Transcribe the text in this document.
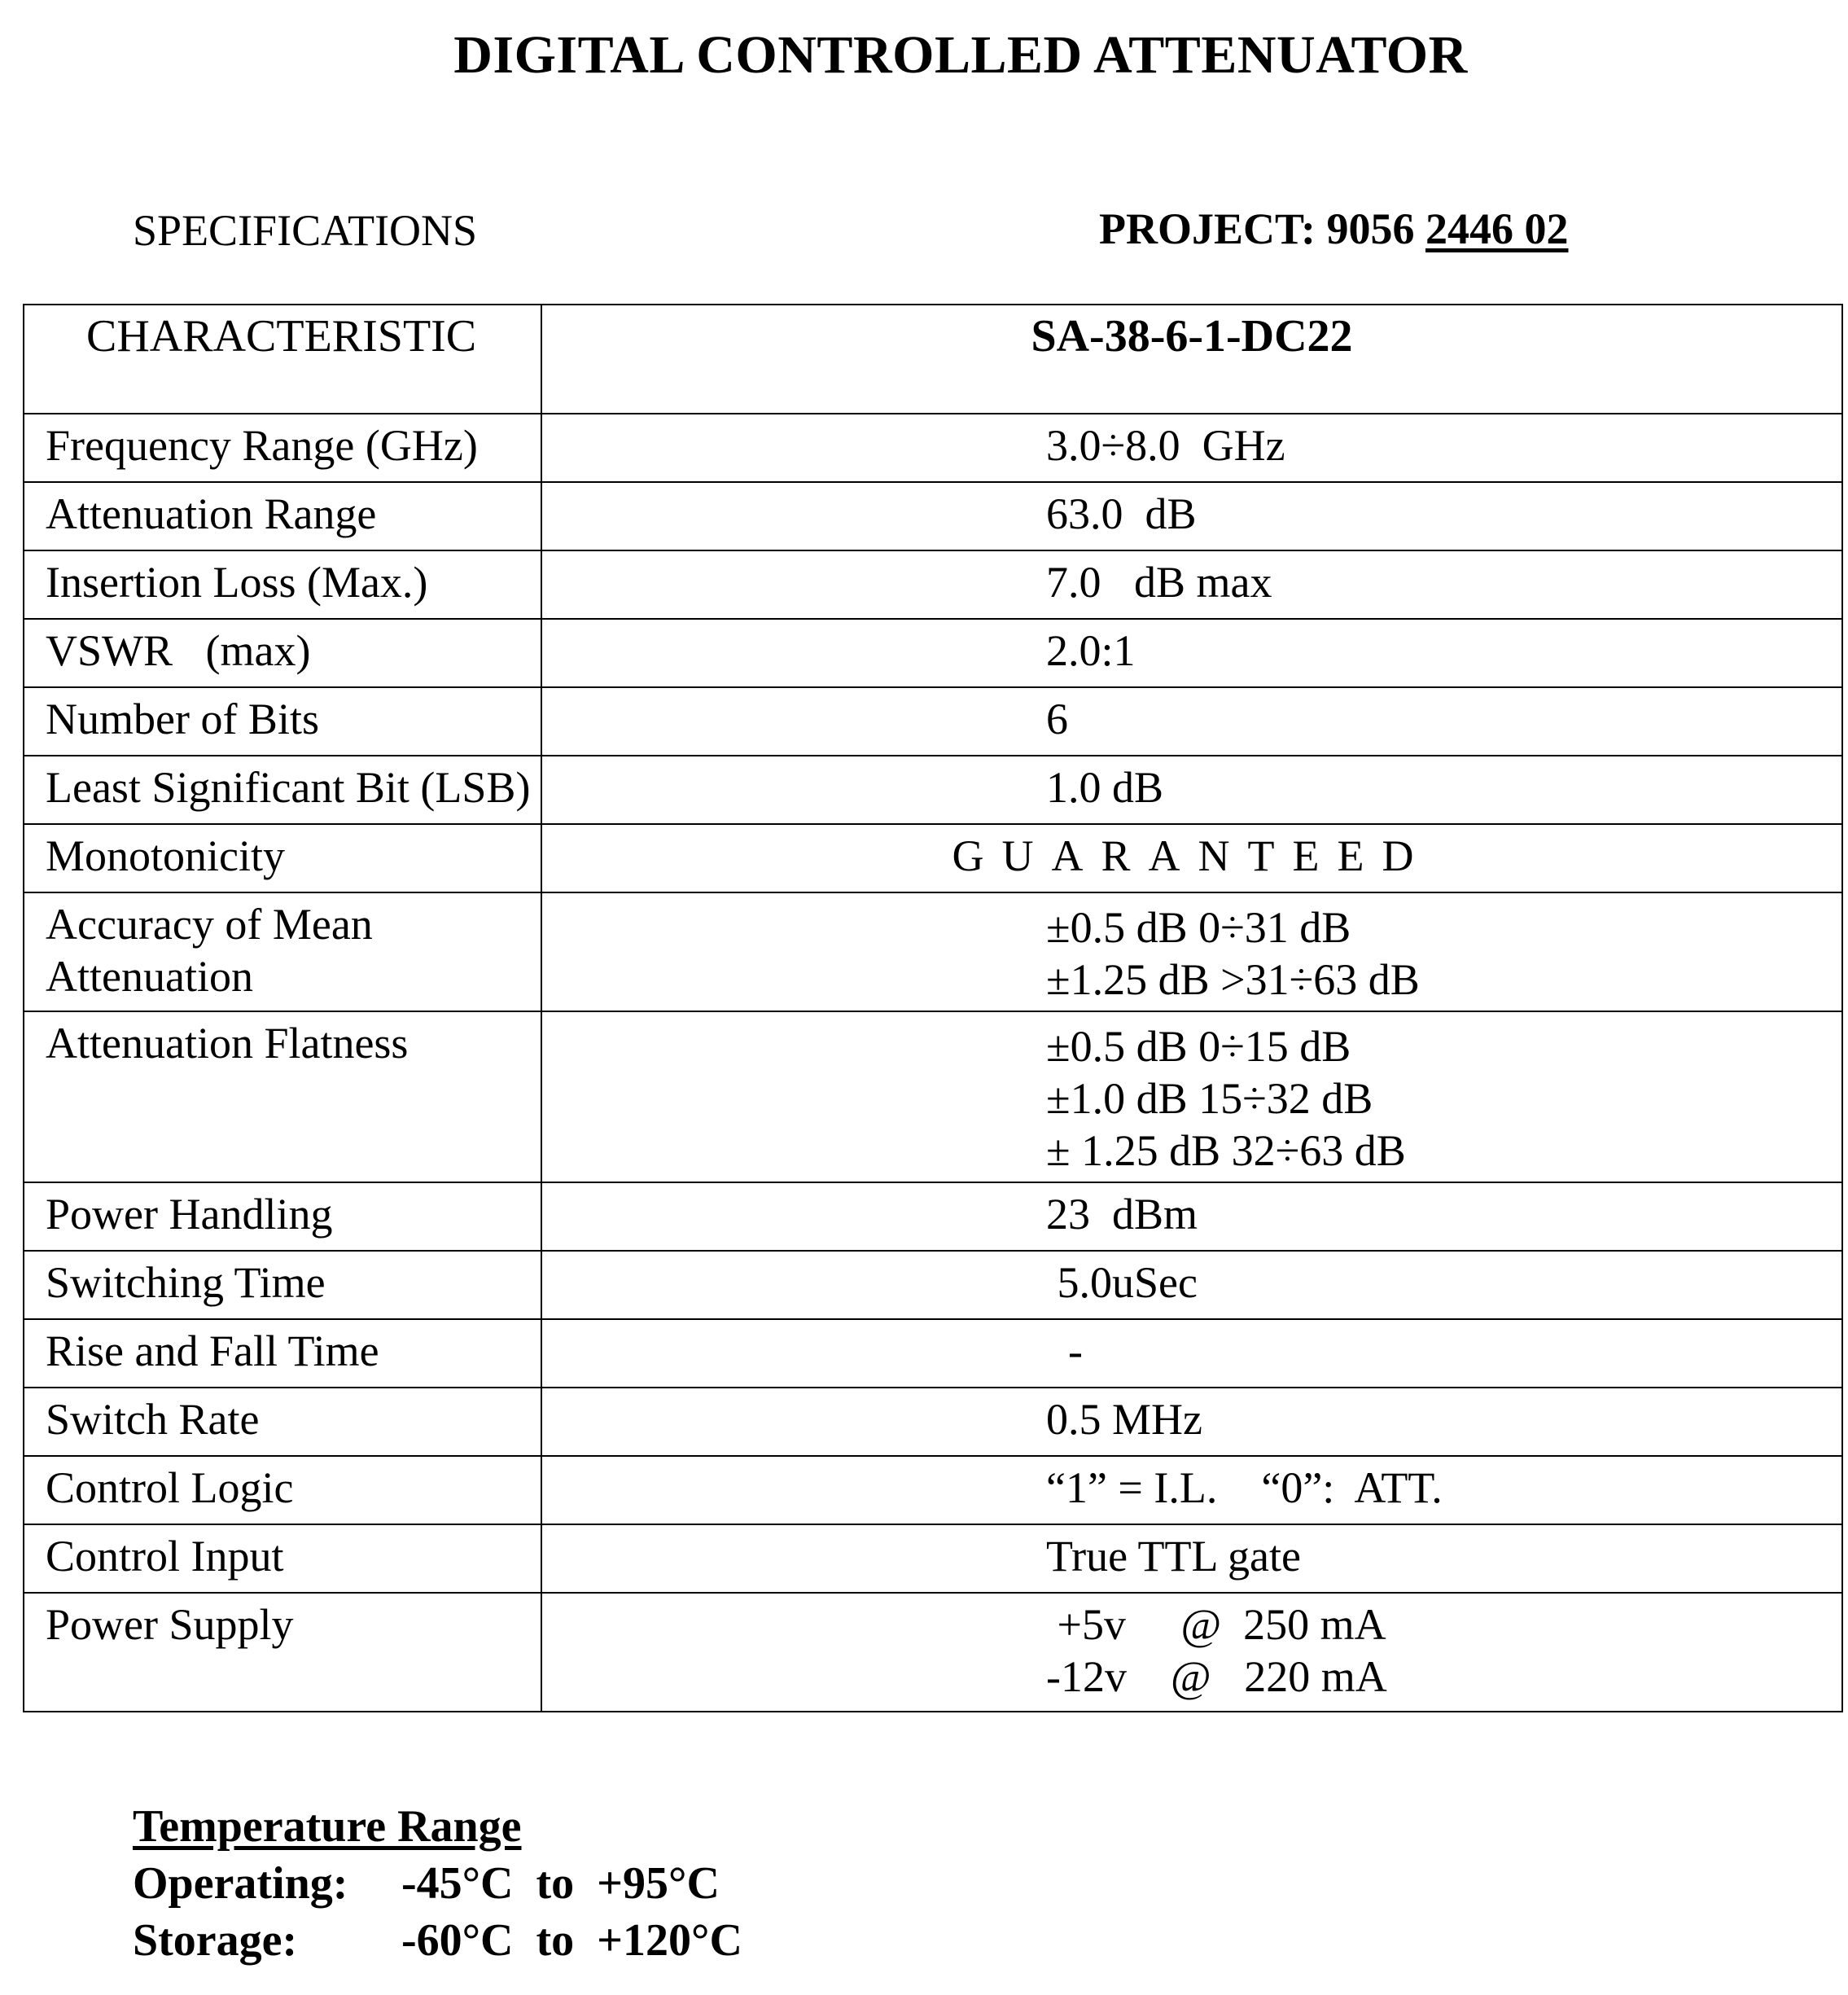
DIGITAL CONTROLLED ATTENUATOR
SPECIFICATIONS	PROJECT: 9056 2446 02
CHARACTERISTIC	SA-38-6-1-DC22
Frequency Range (GHz)	3.0÷8.0  GHz

Attenuation Range	63.0  dB

Insertion Loss (Max.)	7.0   dB max

VSWR   (max)	2.0:1

Number of Bits	6

Least Significant Bit (LSB)	1.0 dB

Monotonicity	GUARANTEED
Accuracy of Mean Attenuation	±0.5 dB 0÷31 dB
±1.25 dB >31÷63 dB

Attenuation Flatness	±0.5 dB 0÷15 dB
±1.0 dB 15÷32 dB
± 1.25 dB 32÷63 dB

Power Handling	23  dBm

Switching Time	5.0uSec

Rise and Fall Time	-

Switch Rate	0.5 MHz

Control Logic	“1” = I.L.    “0”:  ATT.

Control Input	True TTL gate

Power Supply	+5v     @  250 mA
-12v    @   220 mA
Temperature Range
Operating:	-45°C  to  +95°C
Storage:	-60°C  to  +120°C
